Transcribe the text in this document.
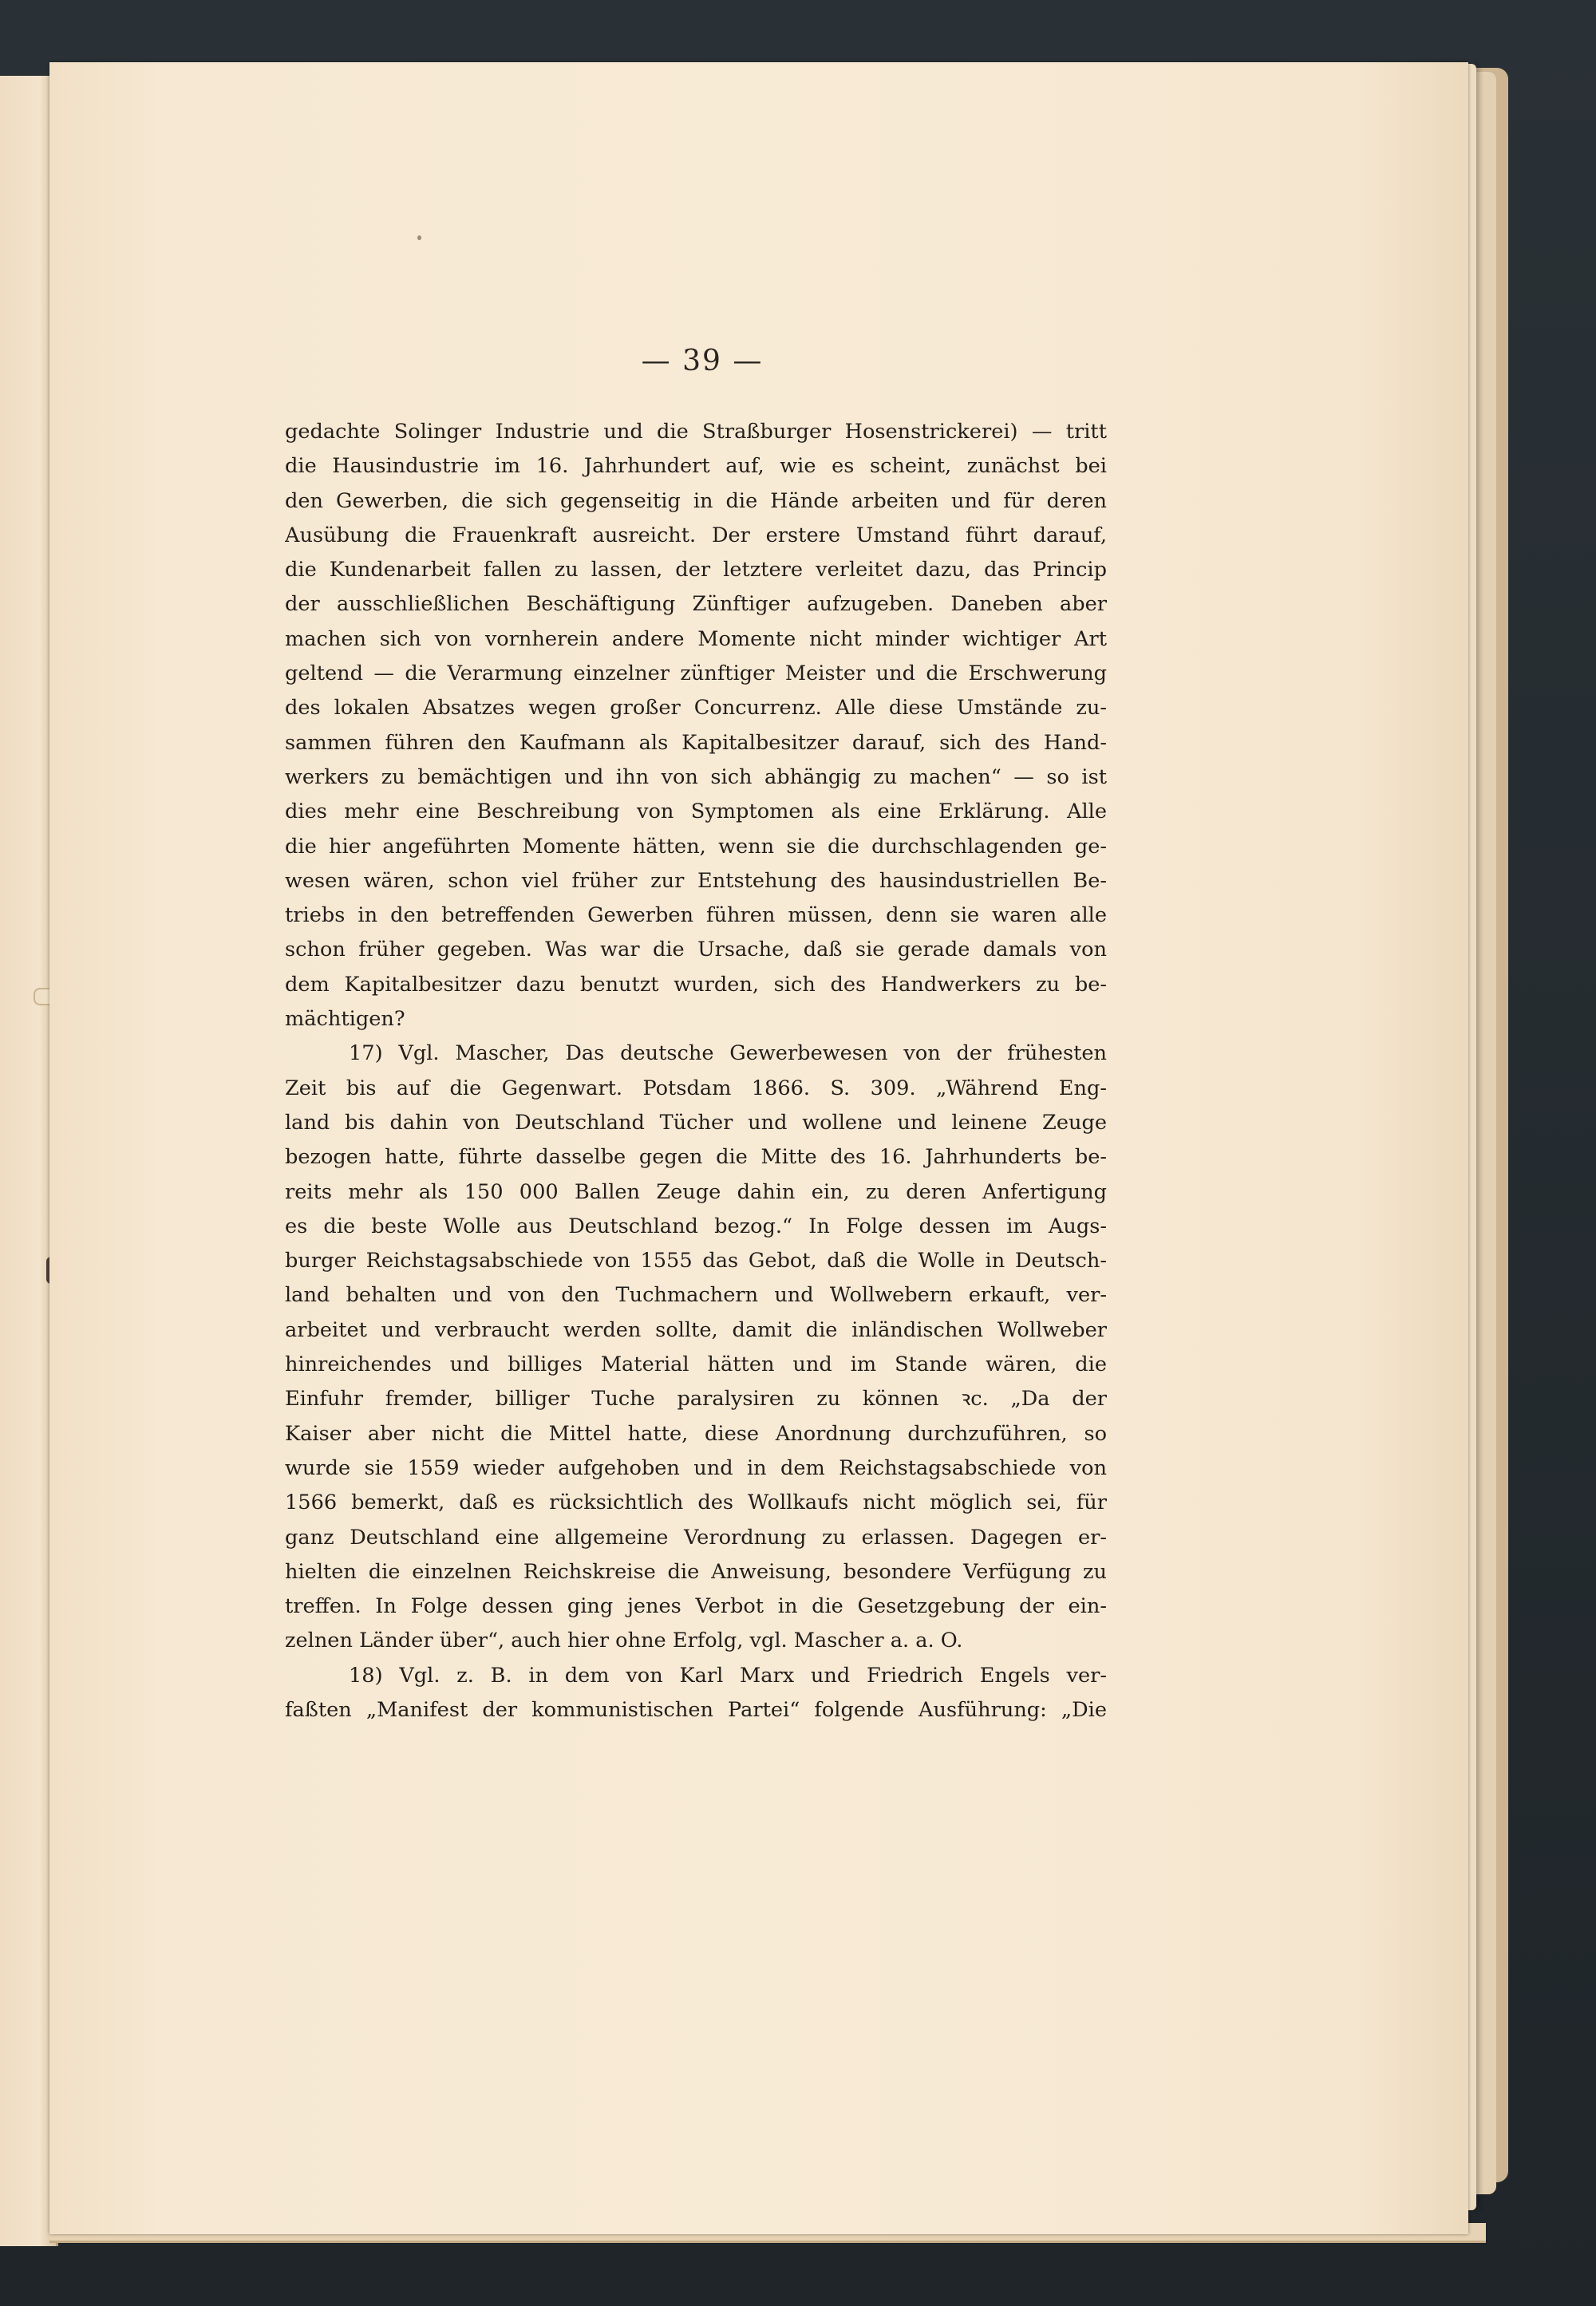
— 39 —
gedachte Solinger Industrie und die Straßburger Hosenstrickerei) — tritt
die Hausindustrie im 16. Jahrhundert auf, wie es scheint, zunächst bei
den Gewerben, die sich gegenseitig in die Hände arbeiten und für deren
Ausübung die Frauenkraft ausreicht. Der erstere Umstand führt darauf,
die Kundenarbeit fallen zu lassen, der letztere verleitet dazu, das Princip
der ausschließlichen Beschäftigung Zünftiger aufzugeben. Daneben aber
machen sich von vornherein andere Momente nicht minder wichtiger Art
geltend — die Verarmung einzelner zünftiger Meister und die Erschwerung
des lokalen Absatzes wegen großer Concurrenz. Alle diese Umstände zu-
sammen führen den Kaufmann als Kapitalbesitzer darauf, sich des Hand-
werkers zu bemächtigen und ihn von sich abhängig zu machen“ — so ist
dies mehr eine Beschreibung von Symptomen als eine Erklärung. Alle
die hier angeführten Momente hätten, wenn sie die durchschlagenden ge-
wesen wären, schon viel früher zur Entstehung des hausindustriellen Be-
triebs in den betreffenden Gewerben führen müssen, denn sie waren alle
schon früher gegeben. Was war die Ursache, daß sie gerade damals von
dem Kapitalbesitzer dazu benutzt wurden, sich des Handwerkers zu be-
mächtigen?
17) Vgl. Mascher, Das deutsche Gewerbewesen von der frühesten
Zeit bis auf die Gegenwart. Potsdam 1866. S. 309. „Während Eng-
land bis dahin von Deutschland Tücher und wollene und leinene Zeuge
bezogen hatte, führte dasselbe gegen die Mitte des 16. Jahrhunderts be-
reits mehr als 150 000 Ballen Zeuge dahin ein, zu deren Anfertigung
es die beste Wolle aus Deutschland bezog.“ In Folge dessen im Augs-
burger Reichstagsabschiede von 1555 das Gebot, daß die Wolle in Deutsch-
land behalten und von den Tuchmachern und Wollwebern erkauft, ver-
arbeitet und verbraucht werden sollte, damit die inländischen Wollweber
hinreichendes und billiges Material hätten und im Stande wären, die
Einfuhr fremder, billiger Tuche paralysiren zu können ꝛc. „Da der
Kaiser aber nicht die Mittel hatte, diese Anordnung durchzuführen, so
wurde sie 1559 wieder aufgehoben und in dem Reichstagsabschiede von
1566 bemerkt, daß es rücksichtlich des Wollkaufs nicht möglich sei, für
ganz Deutschland eine allgemeine Verordnung zu erlassen. Dagegen er-
hielten die einzelnen Reichskreise die Anweisung, besondere Verfügung zu
treffen. In Folge dessen ging jenes Verbot in die Gesetzgebung der ein-
zelnen Länder über“, auch hier ohne Erfolg, vgl. Mascher a. a. O.
18) Vgl. z. B. in dem von Karl Marx und Friedrich Engels ver-
faßten „Manifest der kommunistischen Partei“ folgende Ausführung: „Die
